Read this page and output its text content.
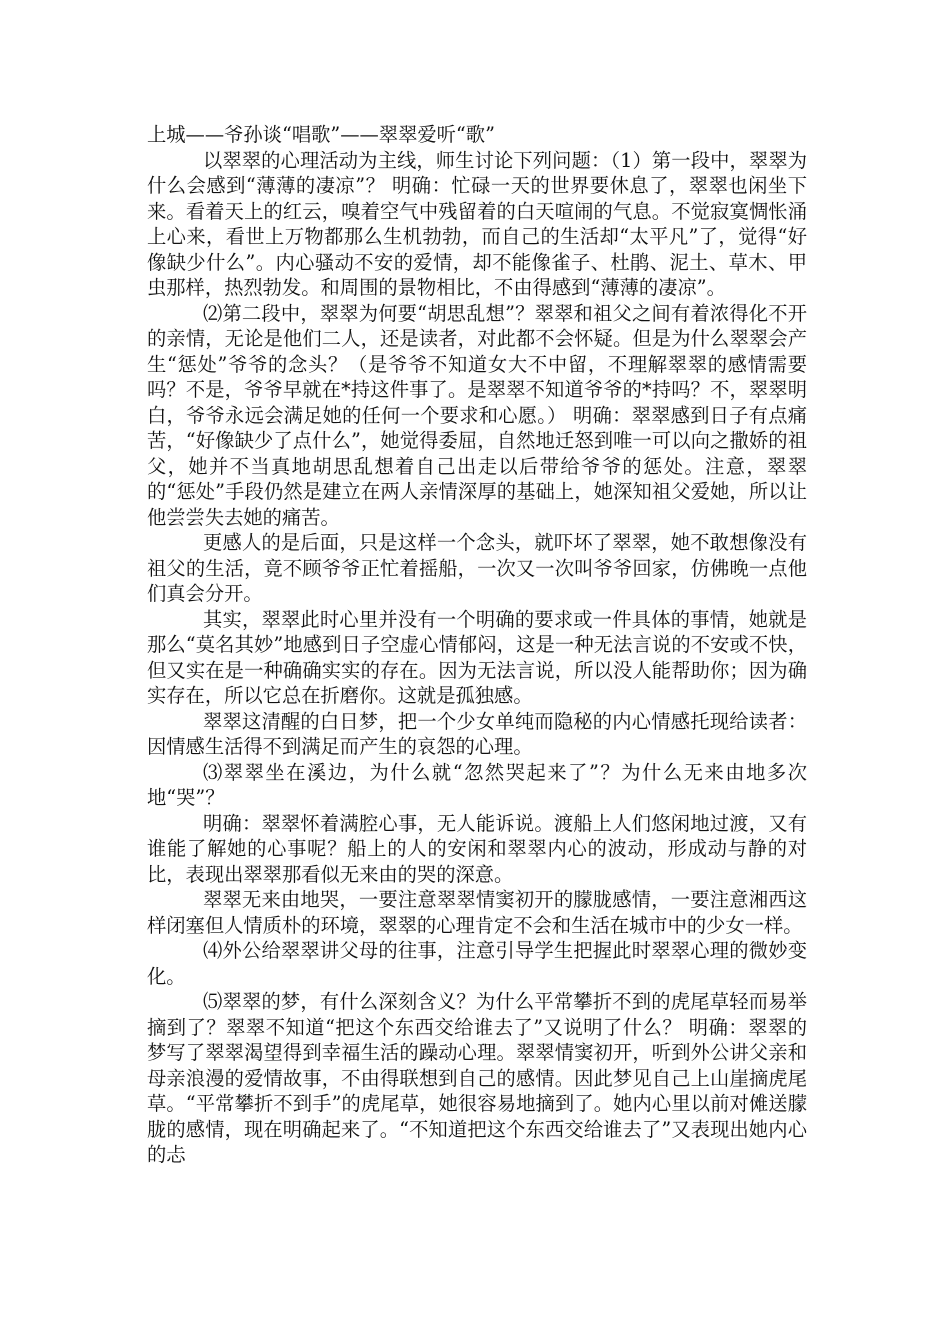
上城——爷孙谈“唱歌”——翠翠爱听“歌”

以翠翠的心理活动为主线，师生讨论下列问题：（1）第一段中，翠翠为什么会感到“薄薄的凄凉”？ 明确：忙碌一天的世界要休息了，翠翠也闲坐下来。看着天上的红云，嗅着空气中残留着的白天喧闹的气息。不觉寂寞惆怅涌上心来，看世上万物都那么生机勃勃，而自己的生活却“太平凡”了，觉得“好像缺少什么”。内心骚动不安的爱情，却不能像雀子、杜鹃、泥土、草木、甲虫那样，热烈勃发。和周围的景物相比，不由得感到“薄薄的凄凉”。

⑵第二段中，翠翠为何要“胡思乱想”？翠翠和祖父之间有着浓得化不开的亲情，无论是他们二人，还是读者，对此都不会怀疑。但是为什么翠翠会产生“惩处”爷爷的念头？（是爷爷不知道女大不中留，不理解翠翠的感情需要吗？不是，爷爷早就在*持这件事了。是翠翠不知道爷爷的*持吗？不，翠翠明白，爷爷永远会满足她的任何一个要求和心愿。） 明确：翠翠感到日子有点痛苦，“好像缺少了点什么”，她觉得委屈，自然地迁怒到唯一可以向之撒娇的祖父，她并不当真地胡思乱想着自己出走以后带给爷爷的惩处。注意，翠翠的“惩处”手段仍然是建立在两人亲情深厚的基础上，她深知祖父爱她，所以让他尝尝失去她的痛苦。

更感人的是后面，只是这样一个念头，就吓坏了翠翠，她不敢想像没有祖父的生活，竟不顾爷爷正忙着摇船，一次又一次叫爷爷回家，仿佛晚一点他们真会分开。

其实，翠翠此时心里并没有一个明确的要求或一件具体的事情，她就是那么“莫名其妙”地感到日子空虚心情郁闷，这是一种无法言说的不安或不快，但又实在是一种确确实实的存在。因为无法言说，所以没人能帮助你；因为确实存在，所以它总在折磨你。这就是孤独感。

翠翠这清醒的白日梦，把一个少女单纯而隐秘的内心情感托现给读者：因情感生活得不到满足而产生的哀怨的心理。

⑶翠翠坐在溪边，为什么就“忽然哭起来了”？为什么无来由地多次地“哭”？

明确：翠翠怀着满腔心事，无人能诉说。渡船上人们悠闲地过渡，又有谁能了解她的心事呢？船上的人的安闲和翠翠内心的波动，形成动与静的对比，表现出翠翠那看似无来由的哭的深意。

翠翠无来由地哭，一要注意翠翠情窦初开的朦胧感情，一要注意湘西这样闭塞但人情质朴的环境，翠翠的心理肯定不会和生活在城市中的少女一样。

⑷外公给翠翠讲父母的往事，注意引导学生把握此时翠翠心理的微妙变化。

⑸翠翠的梦，有什么深刻含义？为什么平常攀折不到的虎尾草轻而易举摘到了？翠翠不知道“把这个东西交给谁去了”又说明了什么？ 明确：翠翠的梦写了翠翠渴望得到幸福生活的躁动心理。翠翠情窦初开，听到外公讲父亲和母亲浪漫的爱情故事，不由得联想到自己的感情。因此梦见自己上山崖摘虎尾草。“平常攀折不到手”的虎尾草，她很容易地摘到了。她内心里以前对傩送朦胧的感情，现在明确起来了。“不知道把这个东西交给谁去了”又表现出她内心的忐
